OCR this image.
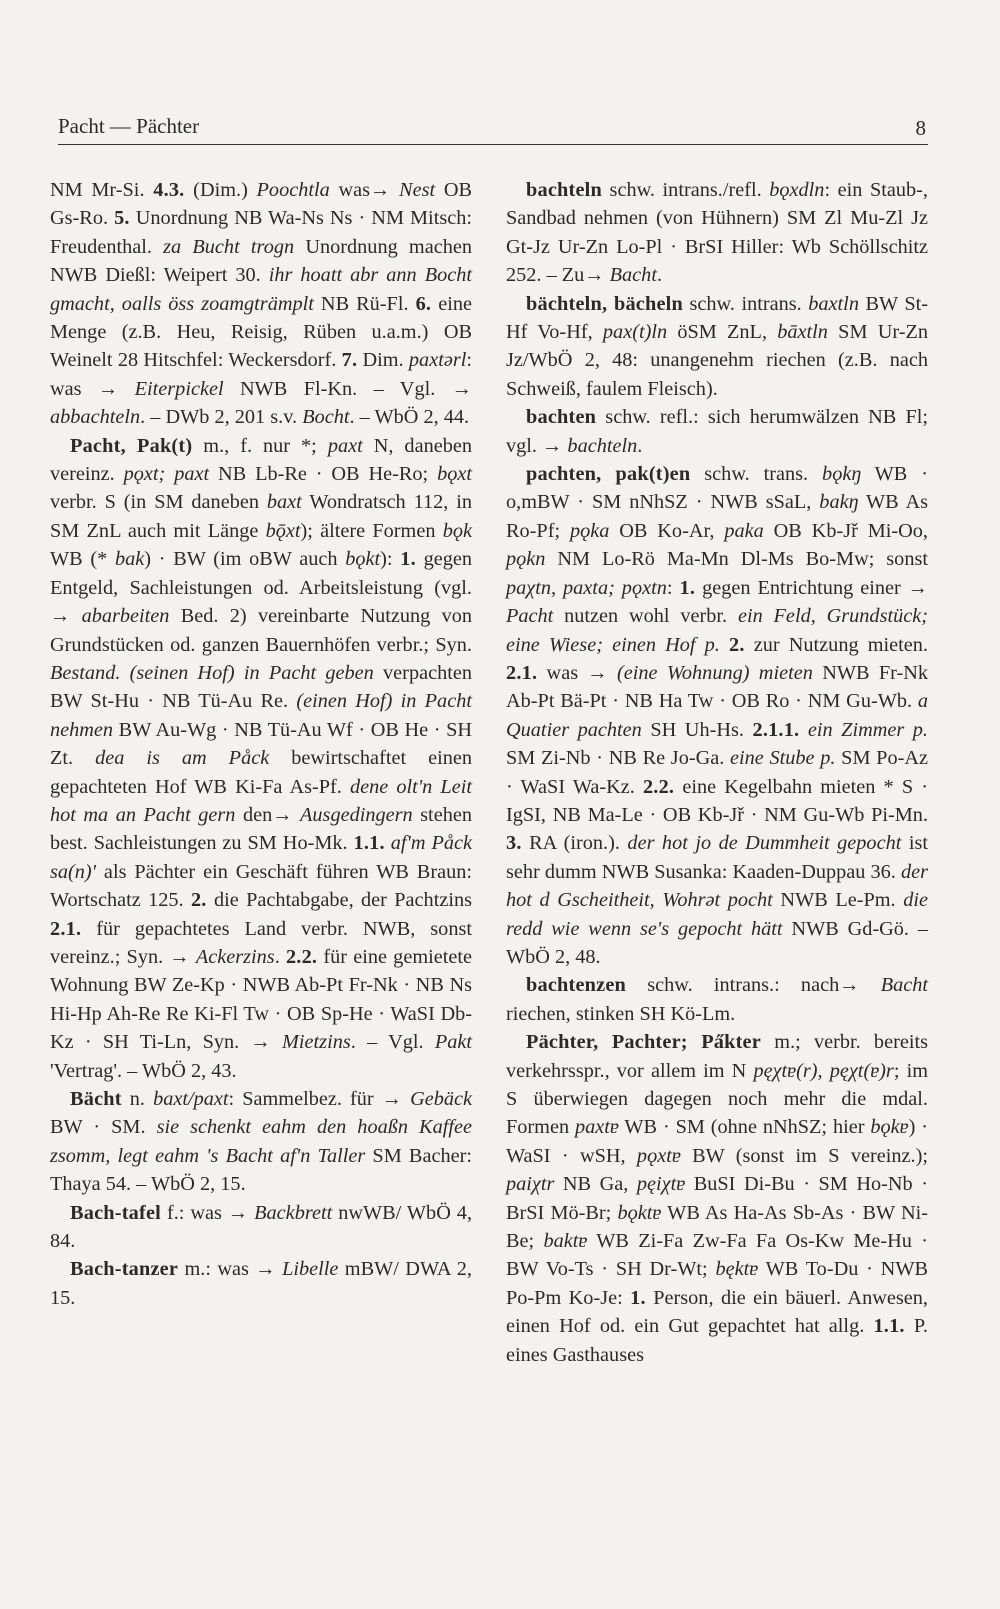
Pacht — Pächter	8

NM Mr-Si. 4.3. (Dim.) Poochtla was→ Nest OB Gs-Ro. 5. Unordnung NB Wa-Ns Ns · NM Mitsch: Freudenthal. za Bucht trogn Unordnung machen NWB Dießl: Weipert 30. ihr hoatt abr ann Bocht gmacht, oalls öss zoamgträmplt NB Rü-Fl. 6. eine Menge (z.B. Heu, Reisig, Rüben u.a.m.) OB Weinelt 28 Hitschfel: Weckersdorf. 7. Dim. paxtərl: was → Eiterpickel NWB Fl-Kn. – Vgl. → abbachteln. – DWb 2, 201 s.v. Bocht. – WbÖ 2, 44.

Pacht, Pak(t) m., f. nur *; paxt N, daneben vereinz. pǫxt; paxt NB Lb-Re · OB He-Ro; bǫxt verbr. S (in SM daneben baxt Wondratsch 112, in SM ZnL auch mit Länge bǭxt); ältere Formen bǫk WB (* bak) · BW (im oBW auch bǫkt): 1. gegen Entgeld, Sachleistungen od. Arbeitsleistung (vgl. → abarbeiten Bed. 2) vereinbarte Nutzung von Grundstücken od. ganzen Bauernhöfen verbr.; Syn. Bestand. (seinen Hof) in Pacht geben verpachten BW St-Hu · NB Tü-Au Re. (einen Hof) in Pacht nehmen BW Au-Wg · NB Tü-Au Wf · OB He · SH Zt. dea is am Påck bewirtschaftet einen gepachteten Hof WB Ki-Fa As-Pf. dene olt'n Leit hot ma an Pacht gern den→ Ausgedingern stehen best. Sachleistungen zu SM Ho-Mk. 1.1. af'm Påck sa(n)' als Pächter ein Geschäft führen WB Braun: Wortschatz 125. 2. die Pachtabgabe, der Pachtzins 2.1. für gepachtetes Land verbr. NWB, sonst vereinz.; Syn. → Ackerzins. 2.2. für eine gemietete Wohnung BW Ze-Kp · NWB Ab-Pt Fr-Nk · NB Ns Hi-Hp Ah-Re Re Ki-Fl Tw · OB Sp-He · WaSI Db-Kz · SH Ti-Ln, Syn. → Mietzins. – Vgl. Pakt 'Vertrag'. – WbÖ 2, 43.

Bächt n. baxt/paxt: Sammelbez. für → Gebäck BW · SM. sie schenkt eahm den hoaßn Kaffee zsomm, legt eahm 's Bacht af'n Taller SM Bacher: Thaya 54. – WbÖ 2, 15.

Bach-tafel f.: was → Backbrett nwWB/ WbÖ 4, 84.

Bach-tanzer m.: was → Libelle mBW/ DWA 2, 15.

bachteln schw. intrans./refl. bǫxdln: ein Staub-, Sandbad nehmen (von Hühnern) SM Zl Mu-Zl Jz Gt-Jz Ur-Zn Lo-Pl · BrSI Hiller: Wb Schöllschitz 252. – Zu→ Bacht.

bächteln, bächeln schw. intrans. baxtln BW St-Hf Vo-Hf, pax(t)ln öSM ZnL, bāxtln SM Ur-Zn Jz/WbÖ 2, 48: unangenehm riechen (z.B. nach Schweiß, faulem Fleisch).

bachten schw. refl.: sich herumwälzen NB Fl; vgl. → bachteln.

pachten, pak(t)en schw. trans. bǫkŋ WB · o,mBW · SM nNhSZ · NWB sSaL, bakŋ WB As Ro-Pf; pǫka OB Ko-Ar, paka OB Kb-Jř Mi-Oo, pǫkn NM Lo-Rö Ma-Mn Dl-Ms Bo-Mw; sonst paχtn, paxta; pǫxtn: 1. gegen Entrichtung einer → Pacht nutzen wohl verbr. ein Feld, Grundstück; eine Wiese; einen Hof p. 2. zur Nutzung mieten. 2.1. was → (eine Wohnung) mieten NWB Fr-Nk Ab-Pt Bä-Pt · NB Ha Tw · OB Ro · NM Gu-Wb. a Quatier pachten SH Uh-Hs. 2.1.1. ein Zimmer p. SM Zi-Nb · NB Re Jo-Ga. eine Stube p. SM Po-Az · WaSI Wa-Kz. 2.2. eine Kegelbahn mieten * S · IgSI, NB Ma-Le · OB Kb-Jř · NM Gu-Wb Pi-Mn. 3. RA (iron.). der hot jo de Dummheit gepocht ist sehr dumm NWB Susanka: Kaaden-Duppau 36. der hot d Gscheitheit, Wohrət pocht NWB Le-Pm. die redd wie wenn se's gepocht hätt NWB Gd-Gö. – WbÖ 2, 48.

bachtenzen schw. intrans.: nach→ Bacht riechen, stinken SH Kö-Lm.

Pächter, Pachter; Pa̋kter m.; verbr. bereits verkehrsspr., vor allem im N pęχtɐ(r), pęχt(ɐ)r; im S überwiegen dagegen noch mehr die mdal. Formen paxtɐ WB · SM (ohne nNhSZ; hier bǫkɐ) · WaSI · wSH, pǫxtɐ BW (sonst im S vereinz.); paiχtr NB Ga, pęiχtɐ BuSI Di-Bu · SM Ho-Nb · BrSI Mö-Br; bǫktɐ WB As Ha-As Sb-As · BW Ni-Be; baktɐ WB Zi-Fa Zw-Fa Fa Os-Kw Me-Hu · BW Vo-Ts · SH Dr-Wt; bęktɐ WB To-Du · NWB Po-Pm Ko-Je: 1. Person, die ein bäuerl. Anwesen, einen Hof od. ein Gut gepachtet hat allg. 1.1. P. eines Gasthauses
